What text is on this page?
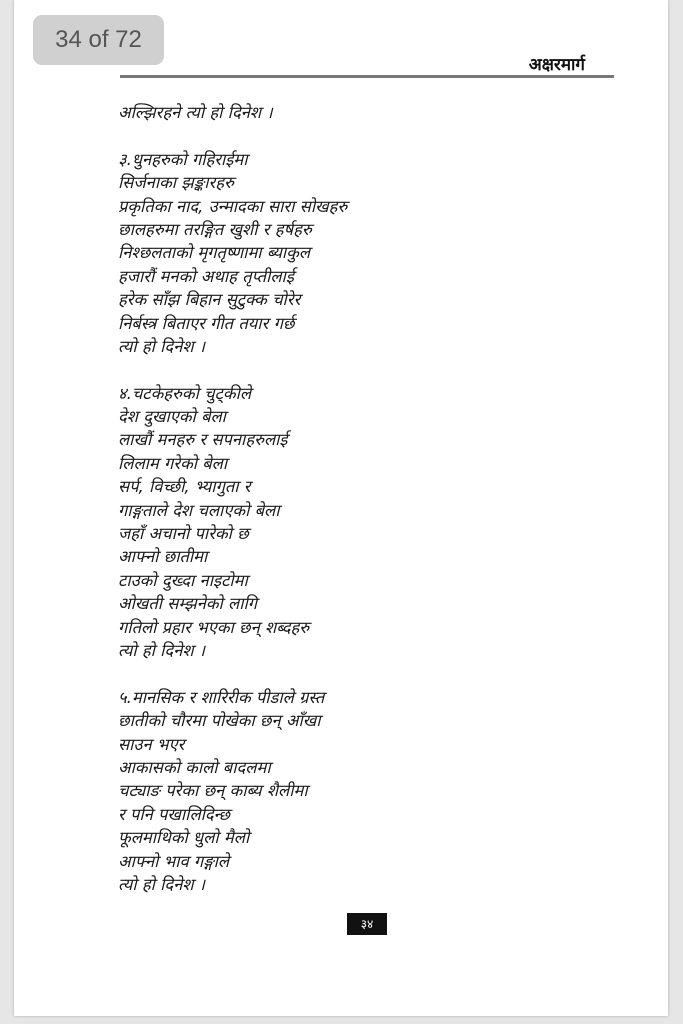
अक्षरमार्ग
अल्झिरहने त्यो हो दिनेश ।
३.धुनहरुको गहिराईमा
सिर्जनाका झङ्कारहरु
प्रकृतिका नाद, उन्मादका सारा सोखहरु
छालहरुमा तरङ्गित खुशी र हर्षहरु
निश्छलताको मृगतृष्णामा ब्याकुल
हजारौं मनको अथाह तृप्तीलाई
हरेक साँझ बिहान सुटुक्क चोरेर
निर्बस्त्र बिताएर गीत तयार गर्छ
त्यो हो दिनेश ।
४.चटकेहरुको चुट्कीले
देश दुखाएको बेला
लाखौं मनहरु र सपनाहरुलाई
लिलाम गरेको बेला
सर्प, विच्छी, भ्यागुता र
गाङ्गताले देश चलाएको बेला
जहाँ अचानो पारेको छ
आफ्नो छातीमा
टाउको दुख्दा नाइटोमा
ओखती सम्झनेको लागि
गतिलो प्रहार भएका छन् शब्दहरु
त्यो हो दिनेश ।
५.मानसिक र शारिरीक पीडाले ग्रस्त
छातीको चौरमा पोखेका छन् आँखा
साउन भएर
आकासको कालो बादलमा
चट्याङ परेका छन् काब्य शैलीमा
र पनि पखालिदिन्छ
फूलमाथिको धुलो मैलो
आफ्नो भाव गङ्गाले
त्यो हो दिनेश ।
३४
34 of 72
